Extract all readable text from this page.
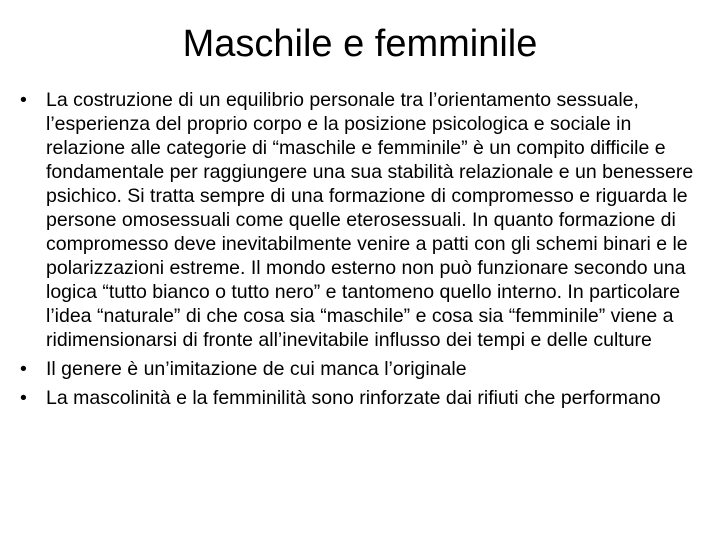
Maschile e femminile
• La costruzione di un equilibrio personale tra l’orientamento sessuale, l’esperienza del proprio corpo e la posizione psicologica e sociale in relazione alle categorie di “maschile e femminile” è un compito difficile e fondamentale per raggiungere una sua stabilità relazionale e un benessere psichico. Si tratta sempre di una formazione di compromesso e riguarda le persone omosessuali come quelle eterosessuali. In quanto formazione di compromesso deve inevitabilmente venire a patti con gli schemi binari e le polarizzazioni estreme. Il mondo esterno non può funzionare secondo una logica “tutto bianco o tutto nero” e tantomeno quello interno. In particolare l’idea “naturale” di che cosa sia “maschile” e cosa sia “femminile” viene a ridimensionarsi di fronte all’inevitabile influsso dei tempi e delle culture
• Il genere è un’imitazione de cui manca l’originale
• La mascolinità e la femminilità sono rinforzate dai rifiuti che performano
